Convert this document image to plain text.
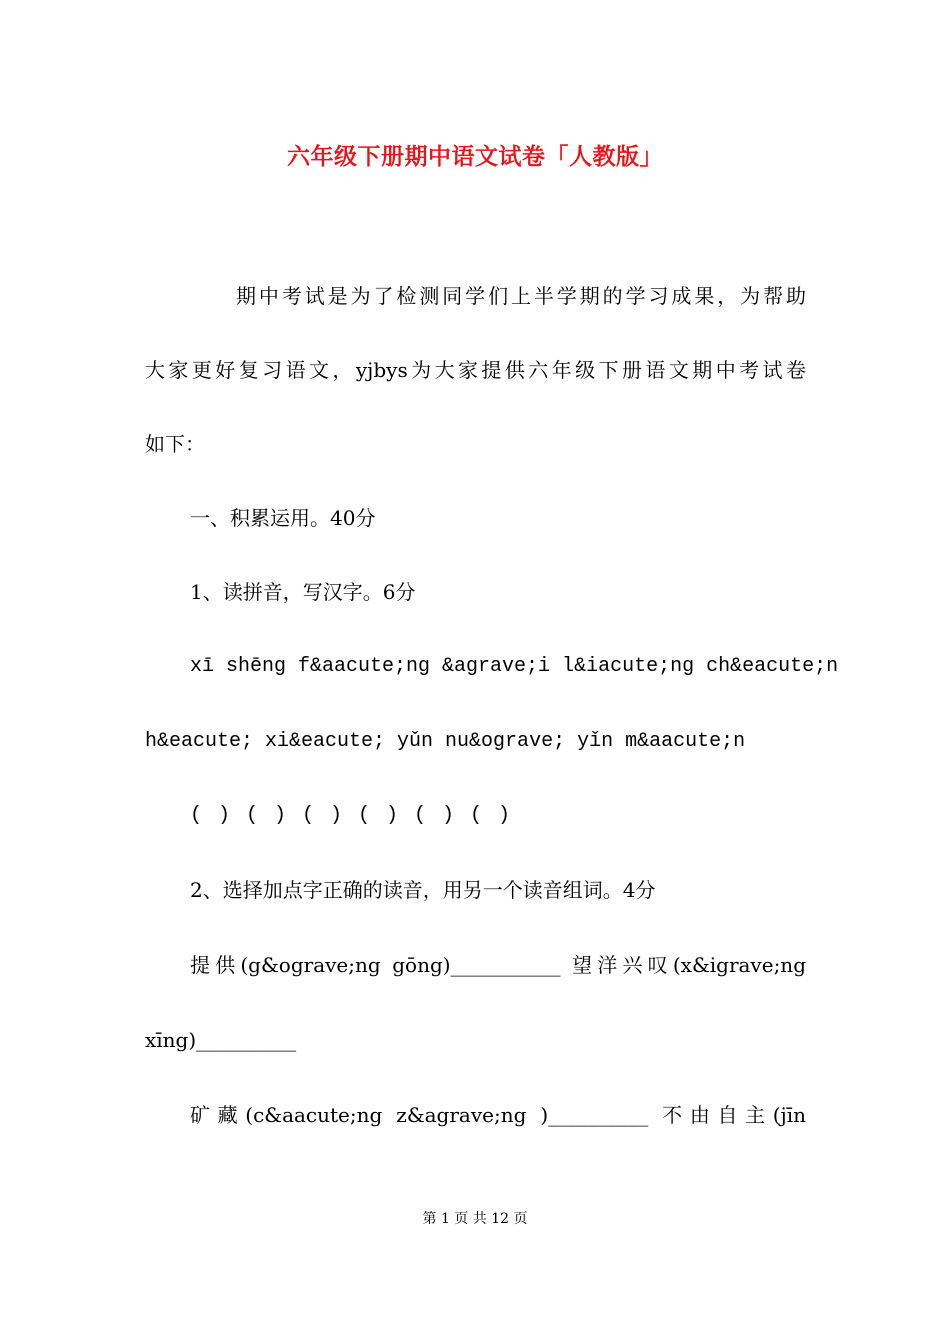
六年级下册期中语文试卷「人教版」
期中考试是为了检测同学们上半学期的学习成果，为帮助
大家更好复习语文，yjbys为大家提供六年级下册语文期中考试卷
如下：
一、积累运用。40分
1、读拼音，写汉字。6分
xī shēng f&aacute;ng &agrave;i l&iacute;ng ch&eacute;n
h&eacute; xi&eacute; yǔn nu&ograve; yǐn m&aacute;n
( ) ( ) ( ) ( ) ( ) ( )
2、选择加点字正确的读音，用另一个读音组词。4分
提供(g&ograve;ng gōng)___________ 望洋兴叹(x&igrave;ng
xīng)__________
矿藏(c&aacute;ng z&agrave;ng )__________ 不由自主(jīn
第 1 页 共 12 页
